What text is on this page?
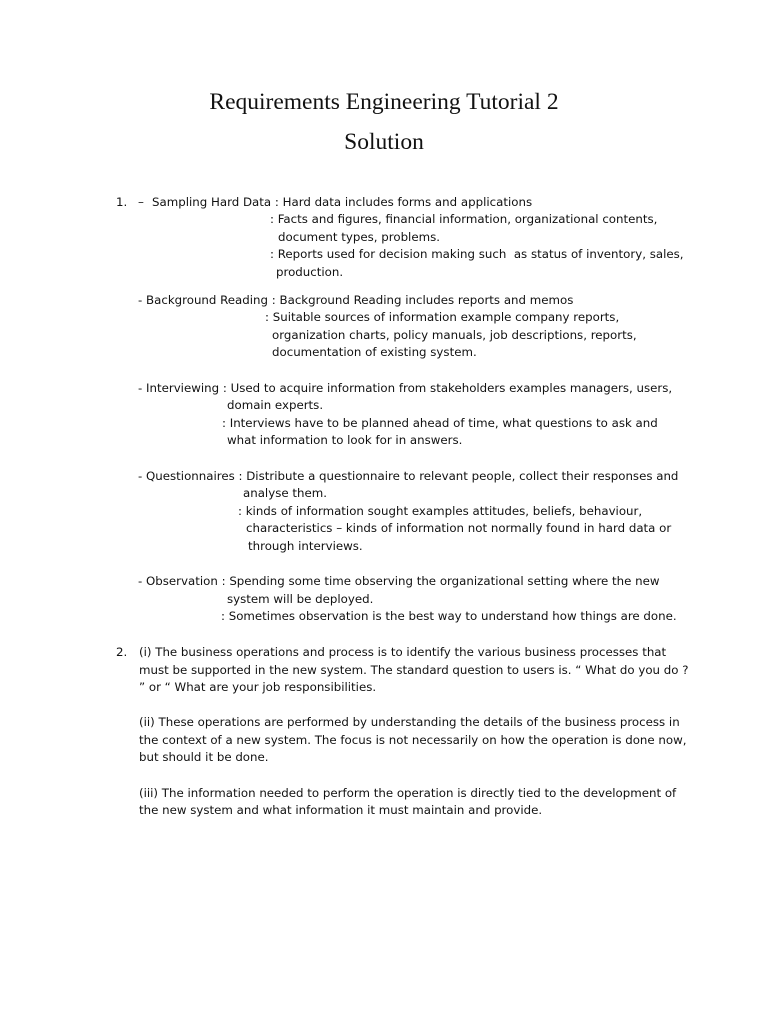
Requirements Engineering Tutorial 2
Solution
1. – Sampling Hard Data : Hard data includes forms and applications
: Facts and figures, financial information, organizational contents,
document types, problems.
: Reports used for decision making such  as status of inventory, sales,
production.
- Background Reading : Background Reading includes reports and memos
: Suitable sources of information example company reports,
organization charts, policy manuals, job descriptions, reports,
documentation of existing system.
- Interviewing : Used to acquire information from stakeholders examples managers, users,
domain experts.
: Interviews have to be planned ahead of time, what questions to ask and
what information to look for in answers.
- Questionnaires : Distribute a questionnaire to relevant people, collect their responses and
analyse them.
: kinds of information sought examples attitudes, beliefs, behaviour,
characteristics – kinds of information not normally found in hard data or
through interviews.
- Observation : Spending some time observing the organizational setting where the new
system will be deployed.
: Sometimes observation is the best way to understand how things are done.
2. (i) The business operations and process is to identify the various business processes that
must be supported in the new system. The standard question to users is. “ What do you do ?
” or “ What are your job responsibilities.
(ii) These operations are performed by understanding the details of the business process in
the context of a new system. The focus is not necessarily on how the operation is done now,
but should it be done.
(iii) The information needed to perform the operation is directly tied to the development of
the new system and what information it must maintain and provide.
